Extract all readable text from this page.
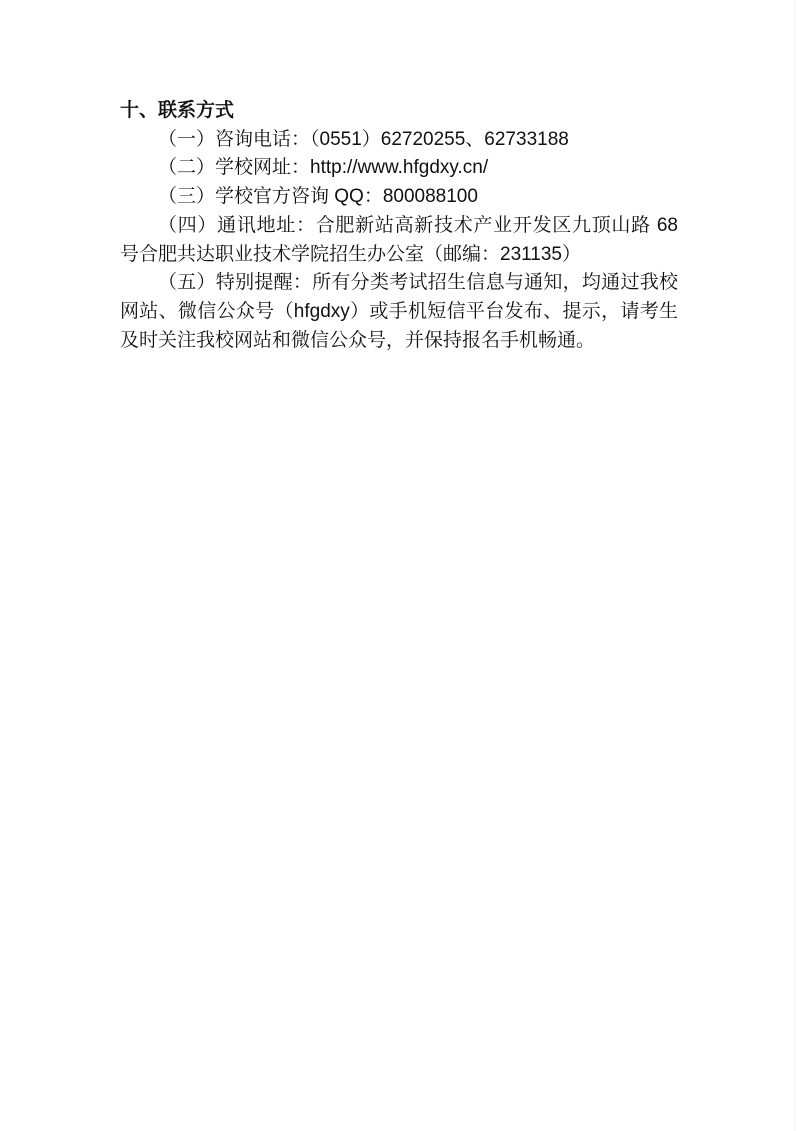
十、联系方式

（一）咨询电话：（0551）62720255、62733188

（二）学校网址：http://www.hfgdxy.cn/

（三）学校官方咨询 QQ：800088100

（四）通讯地址：合肥新站高新技术产业开发区九顶山路 68 号合肥共达职业技术学院招生办公室（邮编：231135）

（五）特别提醒：所有分类考试招生信息与通知，均通过我校网站、微信公众号（hfgdxy）或手机短信平台发布、提示，请考生及时关注我校网站和微信公众号，并保持报名手机畅通。
